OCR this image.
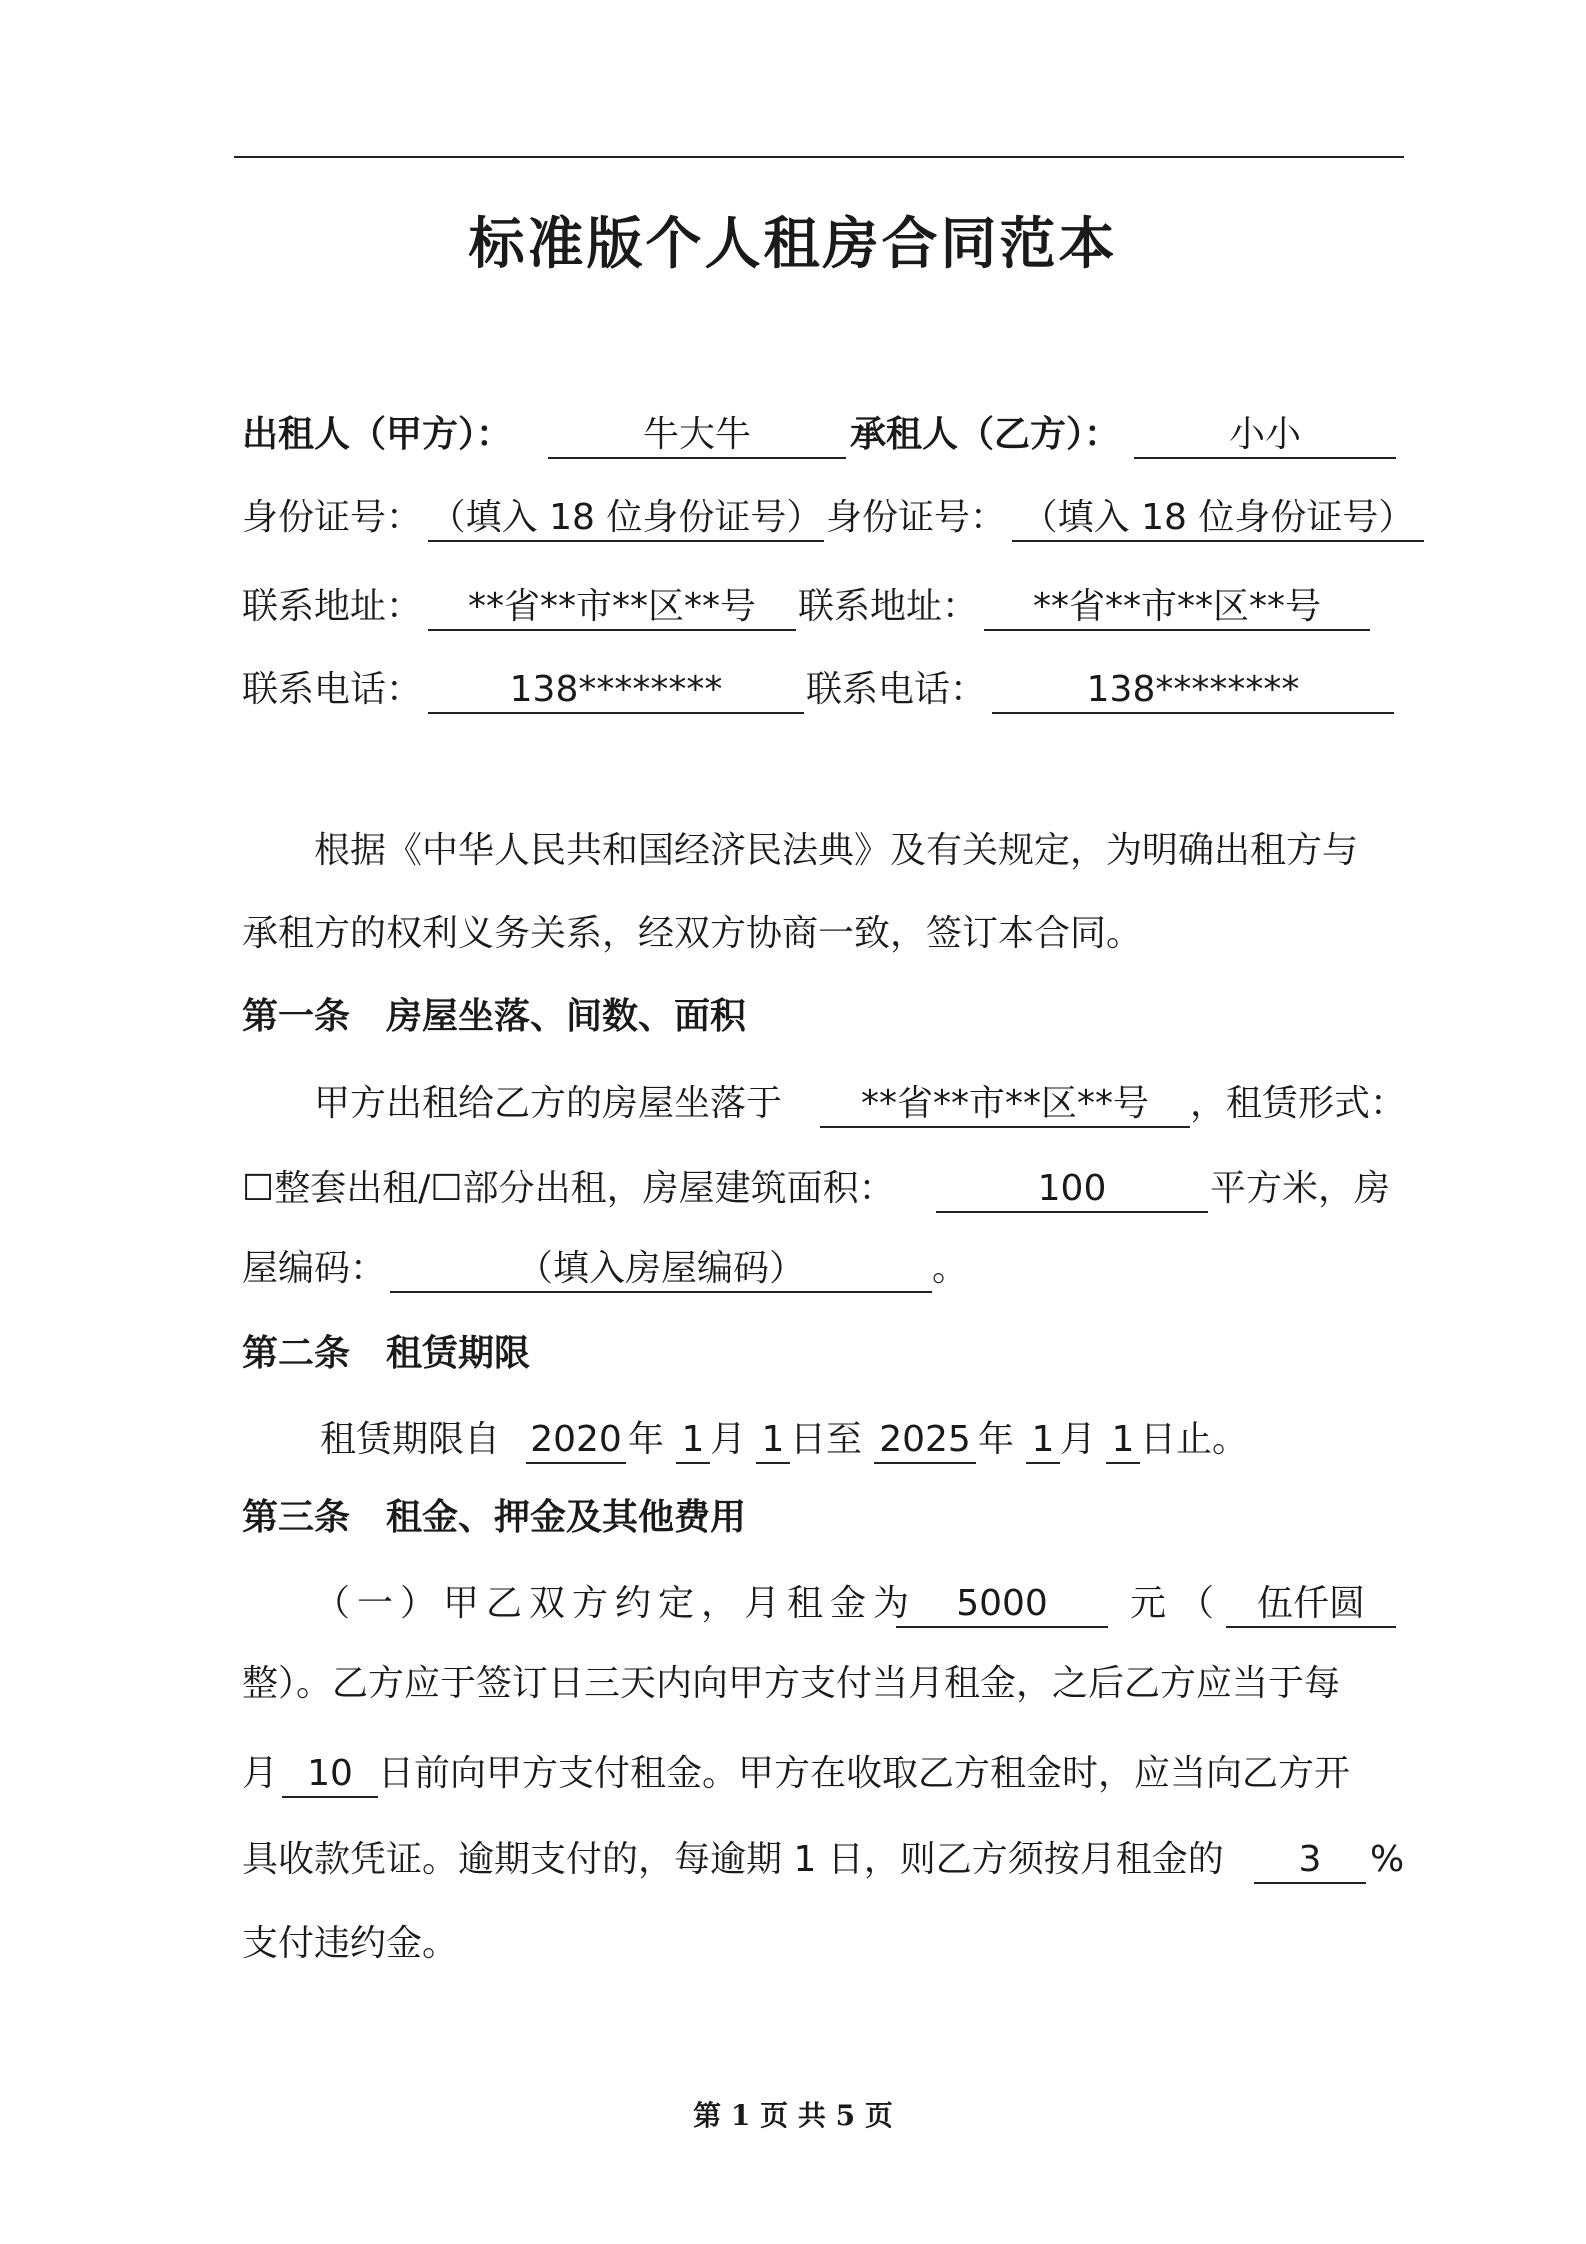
标准版个人租房合同范本
出租人（甲方）：	牛大牛	承租人（乙方）：	小小
身份证号： （填入 18 位身份证号） 身份证号： （填入 18 位身份证号）
联系地址：	**省**市**区**号	联系地址：	**省**市**区**号
联系电话：	138********	联系电话：	138********
根据《中华人民共和国经济民法典》及有关规定，为明确出租方与
承租方的权利义务关系，经双方协商一致，签订本合同。
第一条　房屋坐落、间数、面积
甲方出租给乙方的房屋坐落于	**省**市**区**号	，租赁形式：
☐整套出租/☐部分出租，房屋建筑面积：	100	平方米，房
屋编码：	（填入房屋编码）	。
第二条　租赁期限
租赁期限自 2020 年 1 月 1 日至 2025 年 1 月 1 日止。
第三条　租金、押金及其他费用
（一）甲乙双方约定，月租金为	5000	元（ 伍仟圆
整）。乙方应于签订日三天内向甲方支付当月租金，之后乙方应当于每
月 10 日前向甲方支付租金。甲方在收取乙方租金时，应当向乙方开
具收款凭证。逾期支付的，每逾期 1 日，则乙方须按月租金的	3	%
支付违约金。
第 1 页 共 5 页
